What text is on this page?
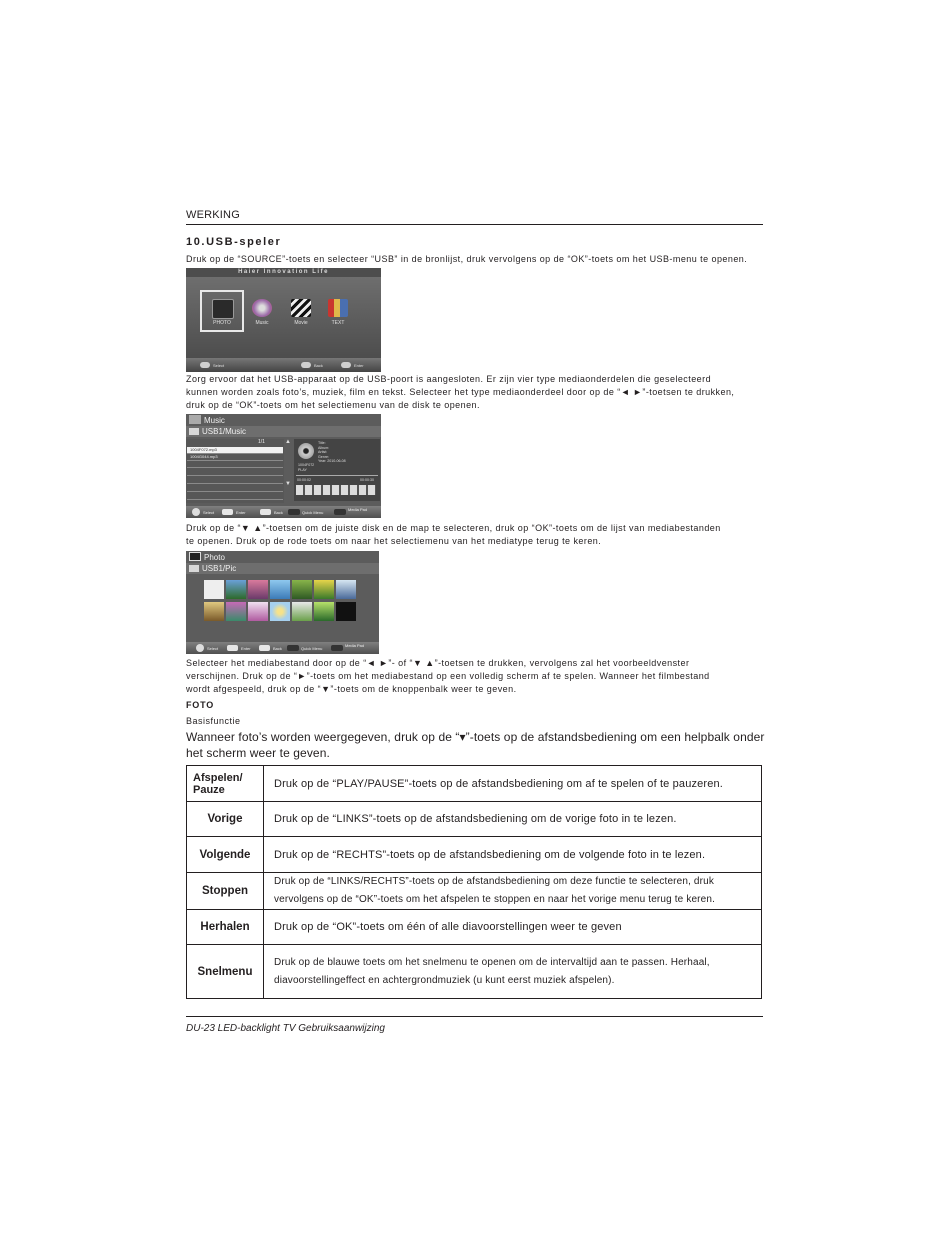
WERKING
10.USB-speler
Druk op de “SOURCE”-toets en selecteer “USB” in de bronlijst, druk vervolgens op de “OK”-toets om het USB-menu te openen.
Haier Innovation Life
PHOTO	Music	Movie	TEXT
Select	Back	Enter
Zorg ervoor dat het USB-apparaat op de USB-poort is aangesloten. Er zijn vier type mediaonderdelen die geselecteerd
kunnen worden zoals foto’s, muziek, film en tekst. Selecteer het type mediaonderdeel door op de “◄ ►”-toetsen te drukken,
druk op de “OK”-toets om het selectiemenu van de disk te openen.
Music
USB1/Music
1/1
1004F072.mp3
1004G044.mp3
▲

▼
Title:
Album:
Artist:
Genre:
Year: 2010-06-08
1004F072
PLAY
00:00:02	00:00:30
Select	Enter	Back	Quick Menu
Media Pad
Druk op de “▼ ▲”-toetsen om de juiste disk en de map te selecteren, druk op “OK”-toets om de lijst van mediabestanden
te openen. Druk op de rode toets om naar het selectiemenu van het mediatype terug te keren.
Photo
USB1/Pic
Select	Enter	Back	Quick Menu
Media Pad
Selecteer het mediabestand door op de “◄ ►”- of “▼ ▲”-toetsen te drukken, vervolgens zal het voorbeeldvenster
verschijnen. Druk op de “►”-toets om het mediabestand op een volledig scherm af te spelen. Wanneer het filmbestand
wordt afgespeeld, druk op de “▼”-toets om de knoppenbalk weer te geven.
FOTO
Basisfunctie
Wanneer foto’s worden weergegeven, druk op de “▾”-toets op de afstandsbediening om een helpbalk onder het scherm weer te geven.
Afspelen/ Pauze	Druk op de “PLAY/PAUSE”-toets op de afstandsbediening om af te spelen of te pauzeren.
Vorige	Druk op de “LINKS”-toets op de afstandsbediening om de vorige foto in te lezen.
Volgende	Druk op de “RECHTS”-toets op de afstandsbediening om de volgende foto in te lezen.
Stoppen	Druk op de “LINKS/RECHTS”-toets op de afstandsbediening om deze functie te selecteren, druk vervolgens op de “OK”-toets om het afspelen te stoppen en naar het vorige menu terug te keren.
Herhalen	Druk op de “OK”-toets om één of alle diavoorstellingen weer te geven
Snelmenu	Druk op de blauwe toets om het snelmenu te openen om de intervaltijd aan te passen. Herhaal, diavoorstellingeffect en achtergrondmuziek (u kunt eerst muziek afspelen).
DU-23 LED-backlight TV Gebruiksaanwijzing
